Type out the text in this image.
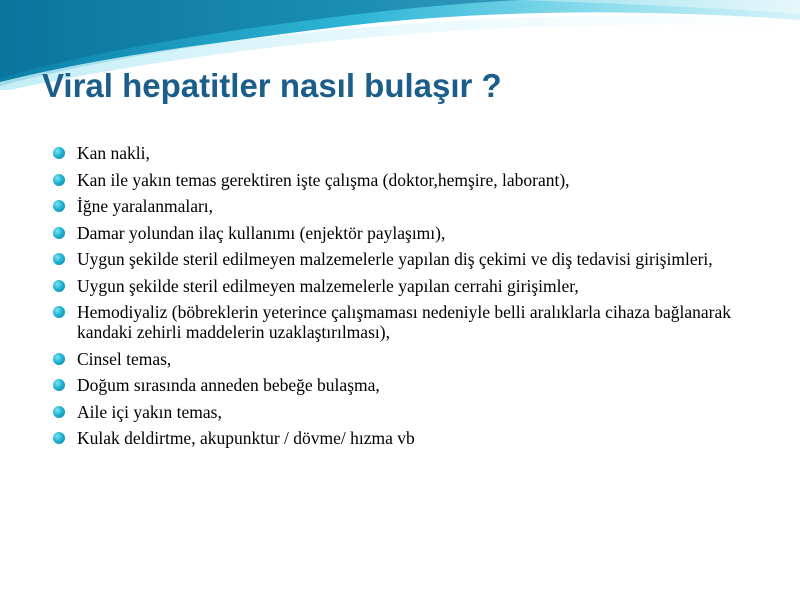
Viral hepatitler nasıl bulaşır ?
Kan nakli,
Kan ile yakın temas gerektiren işte çalışma (doktor,hemşire, laborant),
İğne yaralanmaları,
Damar yolundan ilaç kullanımı (enjektör paylaşımı),
Uygun şekilde steril edilmeyen malzemelerle yapılan diş çekimi ve diş tedavisi girişimleri,
Uygun şekilde steril edilmeyen malzemelerle yapılan cerrahi girişimler,
Hemodiyaliz (böbreklerin yeterince çalışmaması nedeniyle belli aralıklarla cihaza bağlanarak kandaki zehirli maddelerin uzaklaştırılması),
Cinsel temas,
Doğum sırasında anneden bebeğe bulaşma,
Aile içi yakın temas,
Kulak deldirtme, akupunktur / dövme/ hızma vb
